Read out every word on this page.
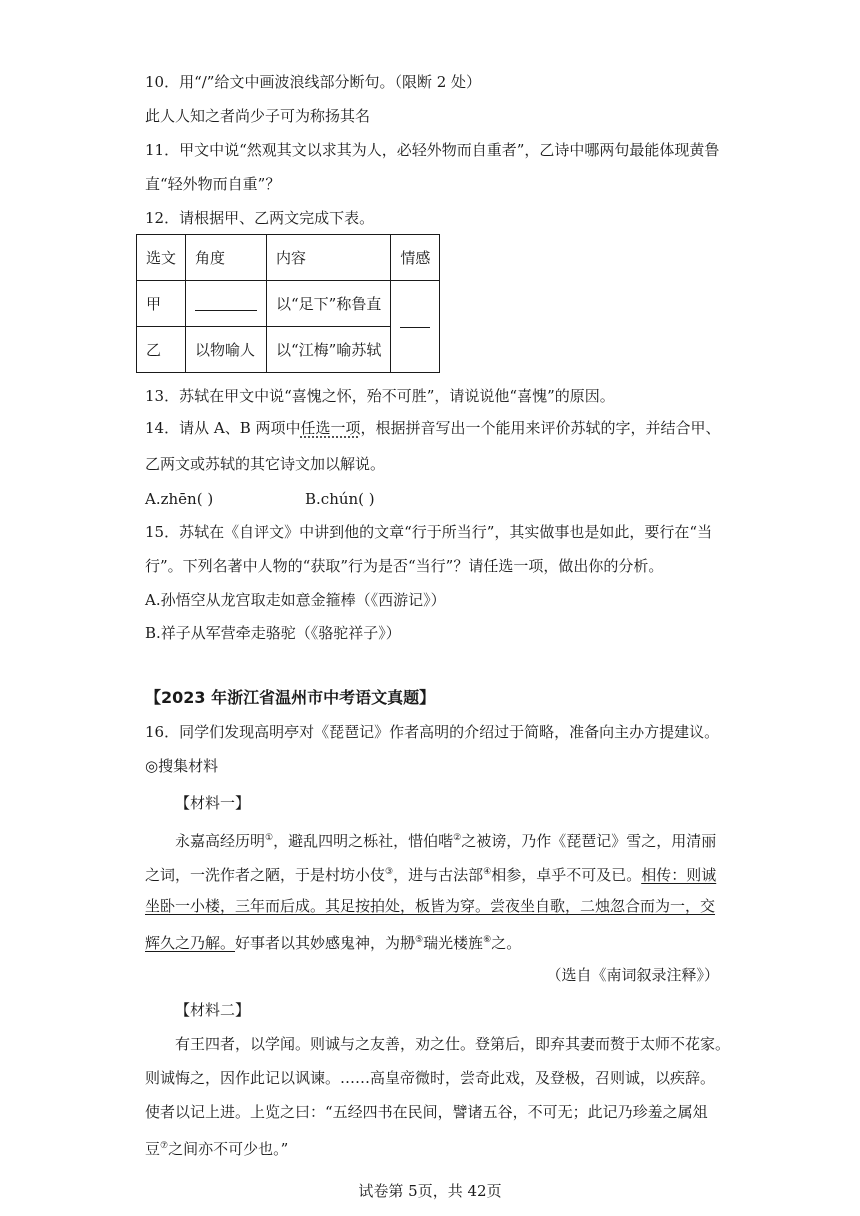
10．用“/”给文中画波浪线部分断句。（限断 2 处）
此人人知之者尚少子可为称扬其名
11．甲文中说“然观其文以求其为人，必轻外物而自重者”，乙诗中哪两句最能体现黄鲁
直“轻外物而自重”？
12．请根据甲、乙两文完成下表。
选文	角度	内容	情感
甲		以“足下”称鲁直	
乙	以物喻人	以“江梅”喻苏轼	
13．苏轼在甲文中说“喜愧之怀，殆不可胜”，请说说他“喜愧”的原因。
14．请从 A、B 两项中任选一项，根据拼音写出一个能用来评价苏轼的字，并结合甲、
乙两文或苏轼的其它诗文加以解说。
A.zhēn( )	B.chún( )
15．苏轼在《自评文》中讲到他的文章“行于所当行”，其实做事也是如此，要行在“当
行”。下列名著中人物的“获取”行为是否“当行”？请任选一项，做出你的分析。
A.孙悟空从龙宫取走如意金箍棒（《西游记》）
B.祥子从军营牵走骆驼（《骆驼祥子》）
【2023 年浙江省温州市中考语文真题】
16．同学们发现高明亭对《琵琶记》作者高明的介绍过于简略，准备向主办方提建议。
◎搜集材料
【材料一】
永嘉高经历明①，避乱四明之栎社，惜伯喈②之被谤，乃作《琵琶记》雪之，用清丽
之词，一洗作者之陋，于是村坊小伎③，进与古法部④相参，卓乎不可及已。相传：则诚
坐卧一小楼，三年而后成。其足按拍处，板皆为穿。尝夜坐自歌，二烛忽合而为一，交
辉久之乃解。好事者以其妙感鬼神，为刱⑤瑞光楼旌⑥之。
（选自《南词叙录注释》）
【材料二】
有王四者，以学闻。则诚与之友善，劝之仕。登第后，即弃其妻而赘于太师不花家。
则诚悔之，因作此记以讽谏。……高皇帝微时，尝奇此戏，及登极，召则诚，以疾辞。
使者以记上进。上览之曰：“五经四书在民间，譬诸五谷，不可无；此记乃珍羞之属俎
豆⑦之间亦不可少也。”
试卷第 5页，共 42页
